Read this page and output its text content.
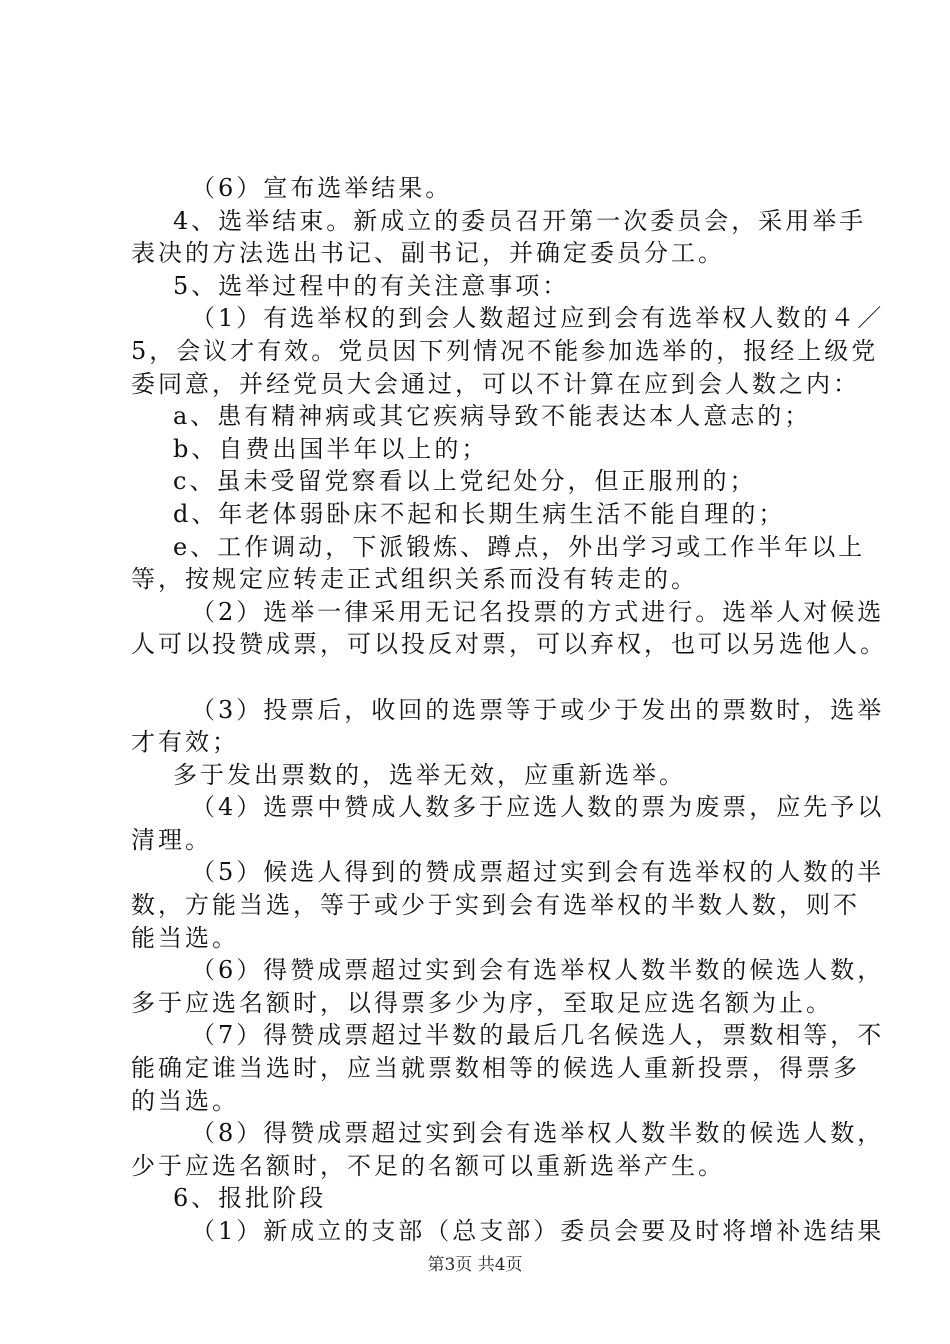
（6）宣布选举结果。
4、选举结束。新成立的委员召开第一次委员会，采用举手
表决的方法选出书记、副书记，并确定委员分工。
5、选举过程中的有关注意事项：
（1）有选举权的到会人数超过应到会有选举权人数的４／
5，会议才有效。党员因下列情况不能参加选举的，报经上级党
委同意，并经党员大会通过，可以不计算在应到会人数之内：
a、患有精神病或其它疾病导致不能表达本人意志的；
b、自费出国半年以上的；
c、虽未受留党察看以上党纪处分，但正服刑的；
d、年老体弱卧床不起和长期生病生活不能自理的；
e、工作调动，下派锻炼、蹲点，外出学习或工作半年以上
等，按规定应转走正式组织关系而没有转走的。
（2）选举一律采用无记名投票的方式进行。选举人对候选
人可以投赞成票，可以投反对票，可以弃权，也可以另选他人。
（3）投票后，收回的选票等于或少于发出的票数时，选举
才有效；
多于发出票数的，选举无效，应重新选举。
（4）选票中赞成人数多于应选人数的票为废票，应先予以
清理。
（5）候选人得到的赞成票超过实到会有选举权的人数的半
数，方能当选，等于或少于实到会有选举权的半数人数，则不
能当选。
（6）得赞成票超过实到会有选举权人数半数的候选人数，
多于应选名额时，以得票多少为序，至取足应选名额为止。
（7）得赞成票超过半数的最后几名候选人，票数相等，不
能确定谁当选时，应当就票数相等的候选人重新投票，得票多
的当选。
（8）得赞成票超过实到会有选举权人数半数的候选人数，
少于应选名额时，不足的名额可以重新选举产生。
6、报批阶段
（1）新成立的支部（总支部）委员会要及时将增补选结果
第3页 共4页
